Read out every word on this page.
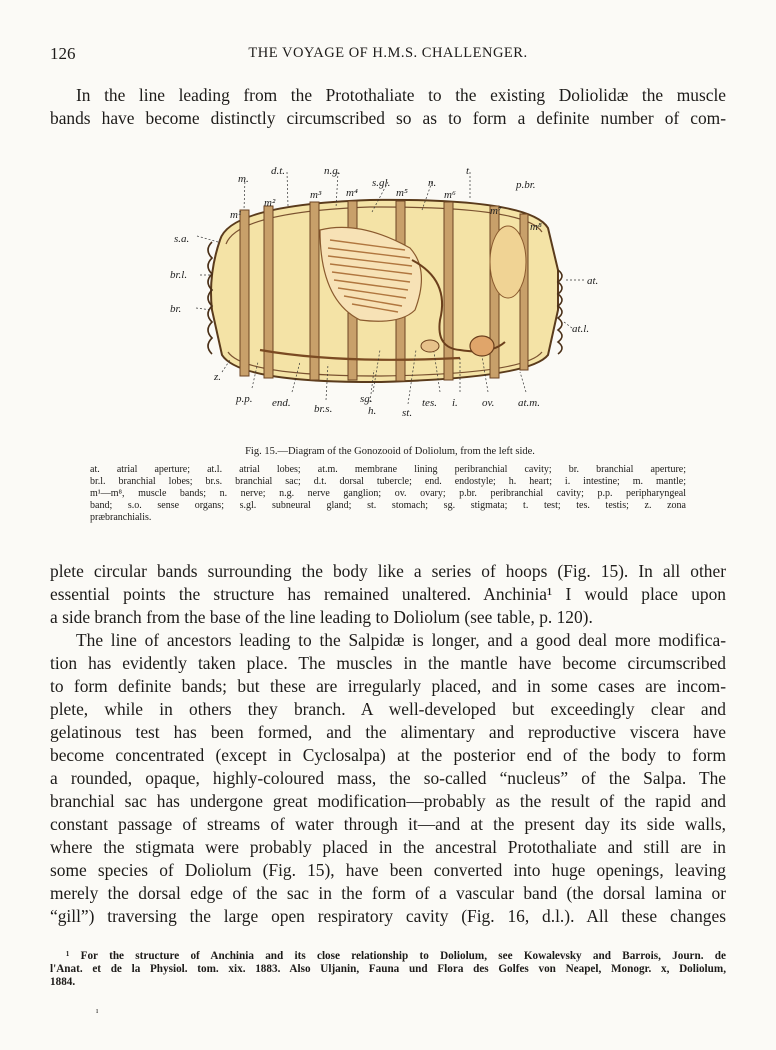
126	THE VOYAGE OF H.M.S. CHALLENGER.
In the line leading from the Protothaliate to the existing Doliolidæ the muscle
bands have become distinctly circumscribed so as to form a definite number of com-
m.
d.t.	n.g.
s.gl.	n.
t
p.br.
m¹
m²
m³ m⁴	m⁵	m⁶
m⁷
m⁸
s.a.
br.l.
br.
at.
at.l.
z.
p.p. end. br.s.
sg.
h. st.
tes. i. ov. at.m.
Fig. 15.—Diagram of the Gonozooid of Doliolum, from the left side.
at. atrial aperture; at.l. atrial lobes; at.m. membrane lining peribranchial cavity; br. branchial aperture;
br.l. branchial lobes; br.s. branchial sac; d.t. dorsal tubercle; end. endostyle; h. heart; i. intestine; m. mantle;
m¹—m⁸, muscle bands; n. nerve; n.g. nerve ganglion; ov. ovary; p.br. peribranchial cavity; p.p. peripharyngeal
band; s.o. sense organs; s.gl. subneural gland; st. stomach; sg. stigmata; t. test; tes. testis; z. zona
præbranchialis.
plete circular bands surrounding the body like a series of hoops (Fig. 15). In all other
essential points the structure has remained unaltered. Anchinia¹ I would place upon
a side branch from the base of the line leading to Doliolum (see table, p. 120).
The line of ancestors leading to the Salpidæ is longer, and a good deal more modifica-
tion has evidently taken place. The muscles in the mantle have become circumscribed
to form definite bands; but these are irregularly placed, and in some cases are incom-
plete, while in others they branch. A well-developed but exceedingly clear and
gelatinous test has been formed, and the alimentary and reproductive viscera have
become concentrated (except in Cyclosalpa) at the posterior end of the body to form
a rounded, opaque, highly-coloured mass, the so-called “nucleus” of the Salpa. The
branchial sac has undergone great modification—probably as the result of the rapid and
constant passage of streams of water through it—and at the present day its side walls,
where the stigmata were probably placed in the ancestral Protothaliate and still are in
some species of Doliolum (Fig. 15), have been converted into huge openings, leaving
merely the dorsal edge of the sac in the form of a vascular band (the dorsal lamina or
“gill”) traversing the large open respiratory cavity (Fig. 16, d.l.). All these changes
¹ For the structure of Anchinia and its close relationship to Doliolum, see Kowalevsky and Barrois, Journ. de
l'Anat. et de la Physiol. tom. xix. 1883. Also Uljanin, Fauna und Flora des Golfes von Neapel, Monogr. x, Doliolum,
1884.
ı
